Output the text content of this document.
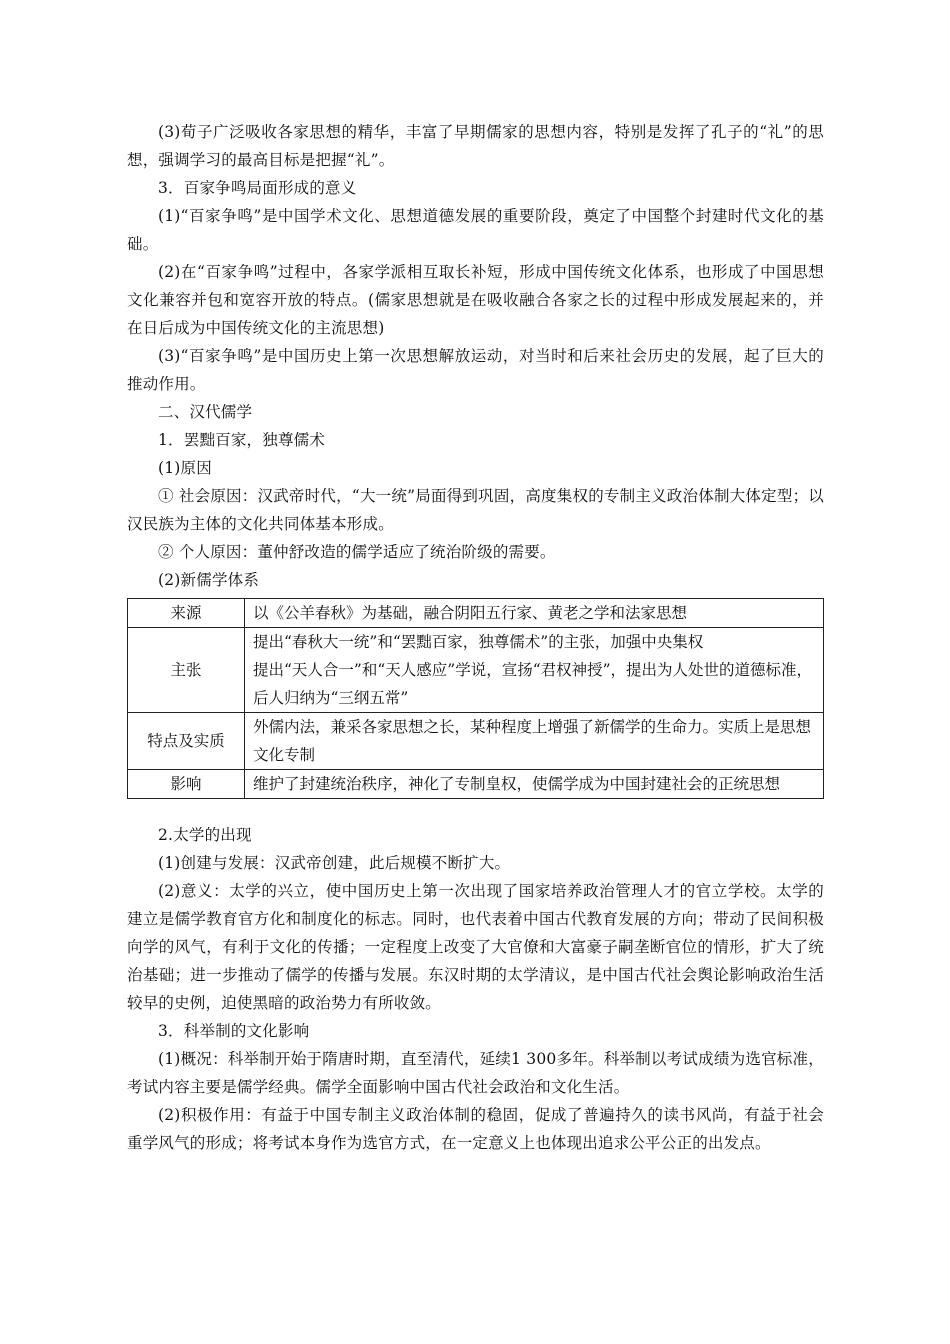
(3)荀子广泛吸收各家思想的精华，丰富了早期儒家的思想内容，特别是发挥了孔子的“礼”的思想，强调学习的最高目标是把握“礼”。

3．百家争鸣局面形成的意义

(1)“百家争鸣”是中国学术文化、思想道德发展的重要阶段，奠定了中国整个封建时代文化的基础。

(2)在“百家争鸣”过程中，各家学派相互取长补短，形成中国传统文化体系，也形成了中国思想文化兼容并包和宽容开放的特点。(儒家思想就是在吸收融合各家之长的过程中形成发展起来的，并在日后成为中国传统文化的主流思想)

(3)“百家争鸣”是中国历史上第一次思想解放运动，对当时和后来社会历史的发展，起了巨大的推动作用。

二、汉代儒学

1．罢黜百家，独尊儒术

(1)原因

① 社会原因：汉武帝时代，“大一统”局面得到巩固，高度集权的专制主义政治体制大体定型；以汉民族为主体的文化共同体基本形成。

② 个人原因：董仲舒改造的儒学适应了统治阶级的需要。

(2)新儒学体系

来源	以《公羊春秋》为基础，融合阴阳五行家、黄老之学和法家思想

主张	提出“春秋大一统”和“罢黜百家，独尊儒术”的主张，加强中央集权
提出“天人合一”和“天人感应”学说，宣扬“君权神授”，提出为人处世的道德标准，后人归纳为“三纲五常”

特点及实质	外儒内法，兼采各家思想之长，某种程度上增强了新儒学的生命力。实质上是思想文化专制

影响	维护了封建统治秩序，神化了专制皇权，使儒学成为中国封建社会的正统思想

2.太学的出现

(1)创建与发展：汉武帝创建，此后规模不断扩大。

(2)意义：太学的兴立，使中国历史上第一次出现了国家培养政治管理人才的官立学校。太学的建立是儒学教育官方化和制度化的标志。同时，也代表着中国古代教育发展的方向；带动了民间积极向学的风气，有利于文化的传播；一定程度上改变了大官僚和大富豪子嗣垄断官位的情形，扩大了统治基础；进一步推动了儒学的传播与发展。东汉时期的太学清议，是中国古代社会舆论影响政治生活较早的史例，迫使黑暗的政治势力有所收敛。

3．科举制的文化影响

(1)概况：科举制开始于隋唐时期，直至清代，延续1 300多年。科举制以考试成绩为选官标准，考试内容主要是儒学经典。儒学全面影响中国古代社会政治和文化生活。

(2)积极作用：有益于中国专制主义政治体制的稳固，促成了普遍持久的读书风尚，有益于社会重学风气的形成；将考试本身作为选官方式，在一定意义上也体现出追求公平公正的出发点。
